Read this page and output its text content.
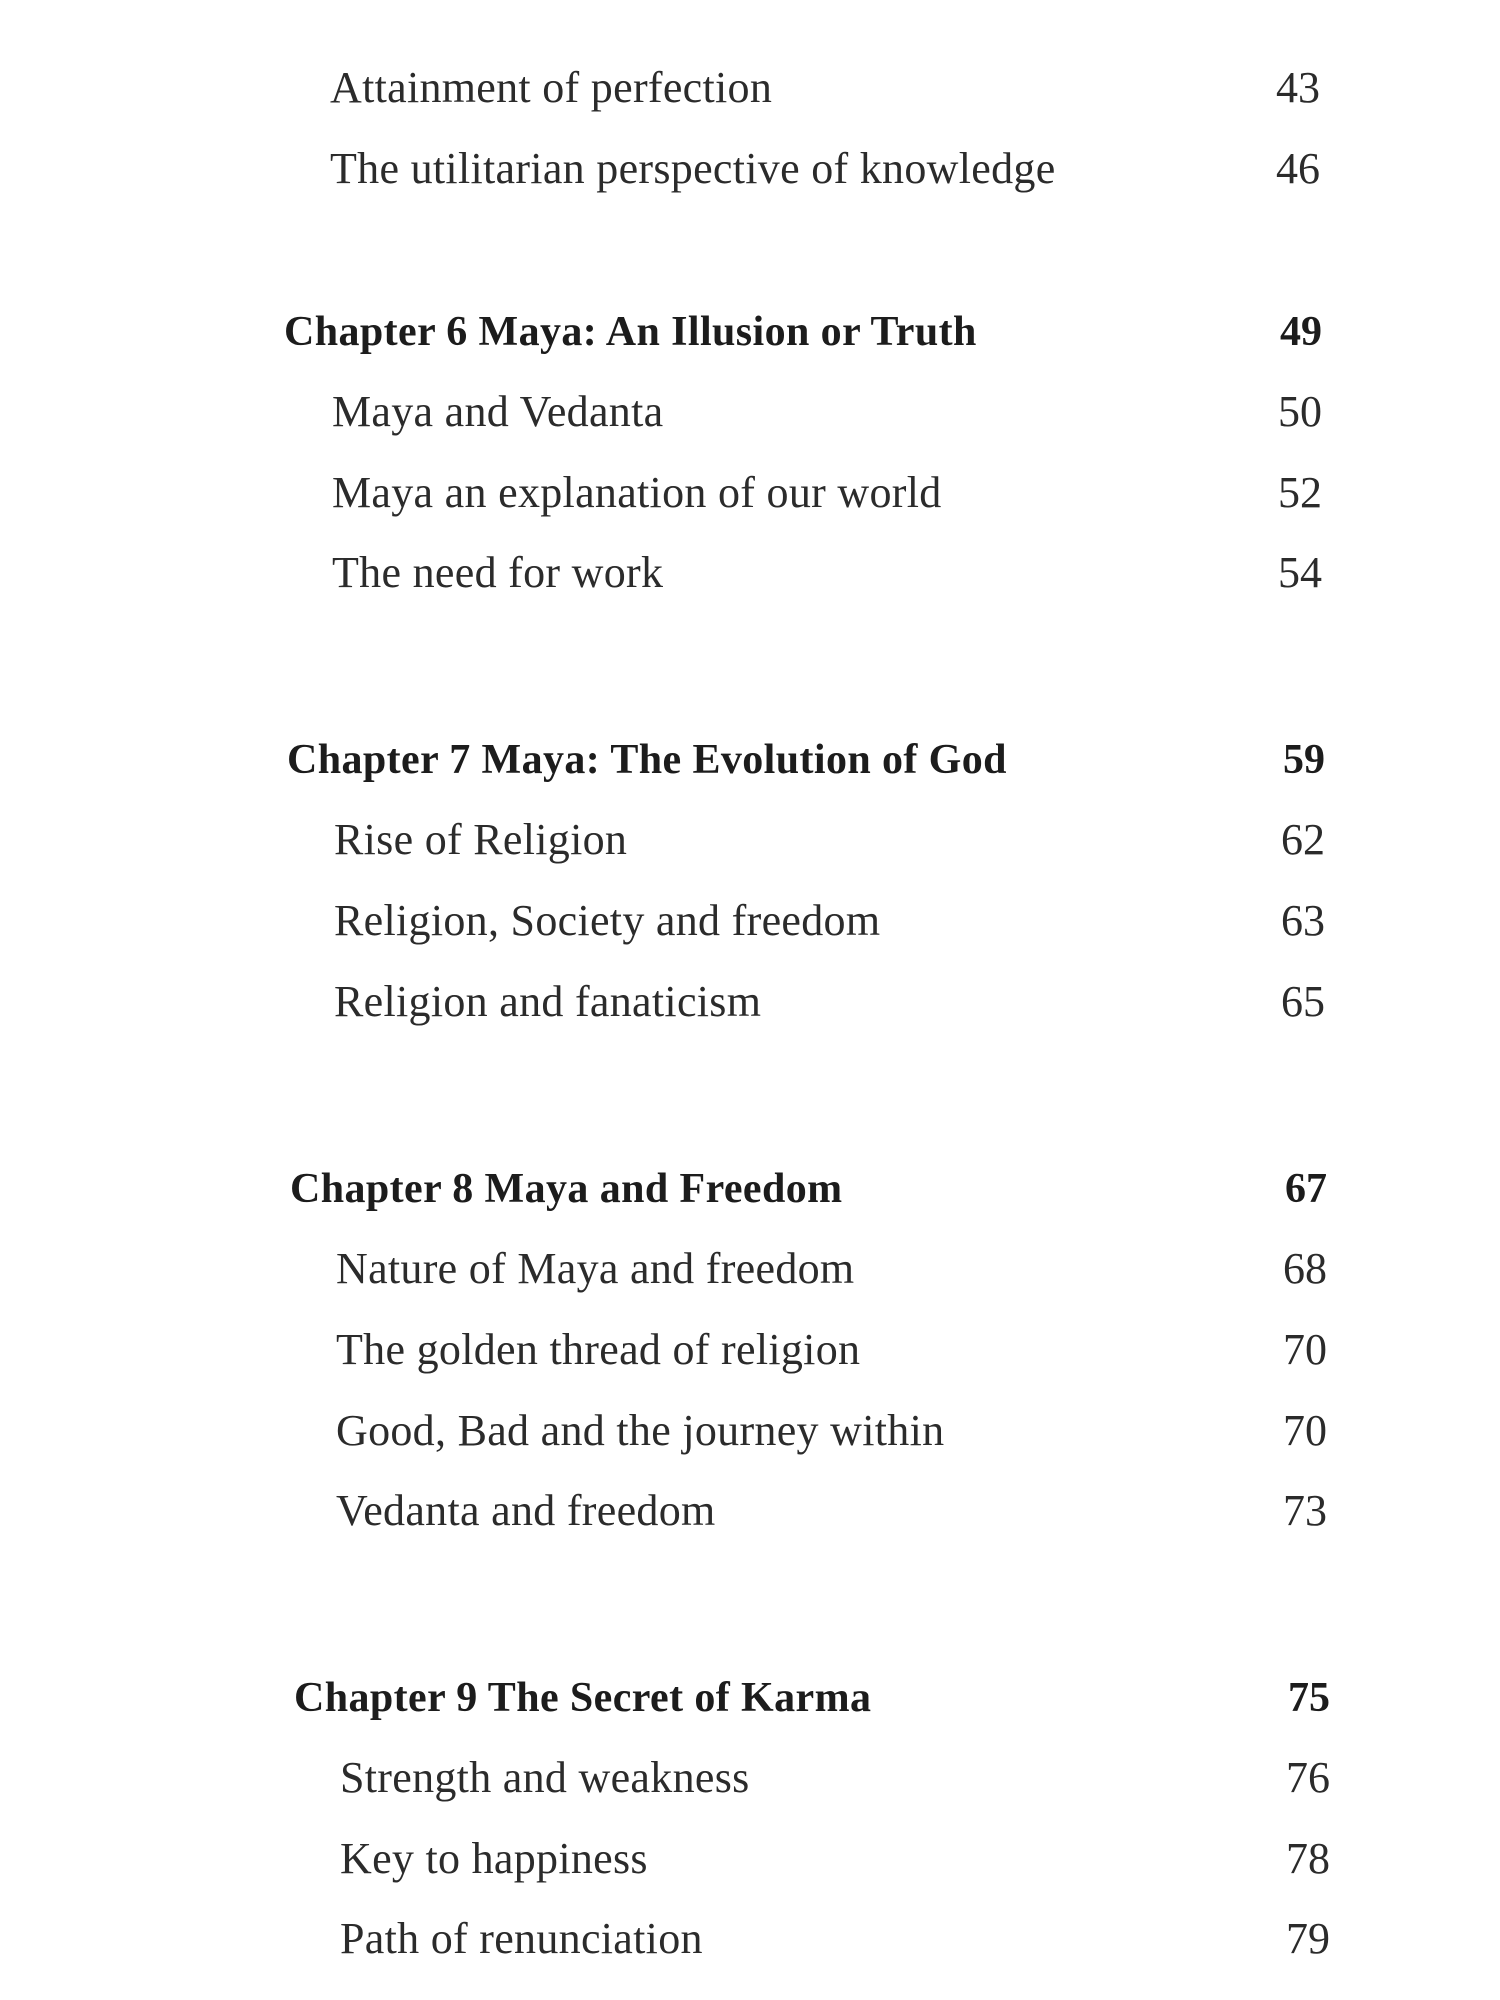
Attainment of perfection	43
The utilitarian perspective of knowledge	46
Chapter 6 Maya: An Illusion or Truth	49
Maya and Vedanta	50
Maya an explanation of our world	52
The need for work	54
Chapter 7 Maya: The Evolution of God	59
Rise of Religion	62
Religion, Society and freedom	63
Religion and fanaticism	65
Chapter 8 Maya and Freedom	67
Nature of Maya and freedom	68
The golden thread of religion	70
Good, Bad and the journey within	70
Vedanta and freedom	73
Chapter 9 The Secret of Karma	75
Strength and weakness	76
Key to happiness	78
Path of renunciation	79
